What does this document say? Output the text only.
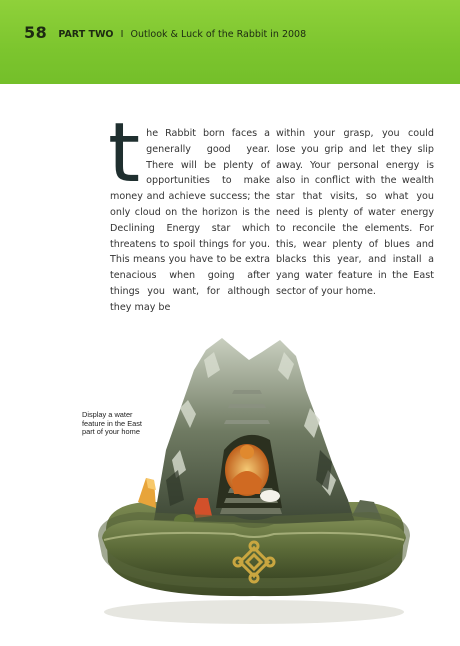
58 PART TWO I Outlook & Luck of the Rabbit in 2008
t he Rabbit born faces a generally good year. There will be plenty of opportunities to make money and achieve success; the only cloud on the horizon is the Declining Energy star which threatens to spoil things for you. This means you have to be extra tenacious when going after things you want, for although they may be

within your grasp, you could lose you grip and let they slip away. Your personal energy is also in conflict with the wealth star that visits, so what you need is plenty of water energy to reconcile the elements. For this, wear plenty of blues and blacks this year, and install a yang water feature in the East sector of your home.

Display a water feature in the East part of your home
